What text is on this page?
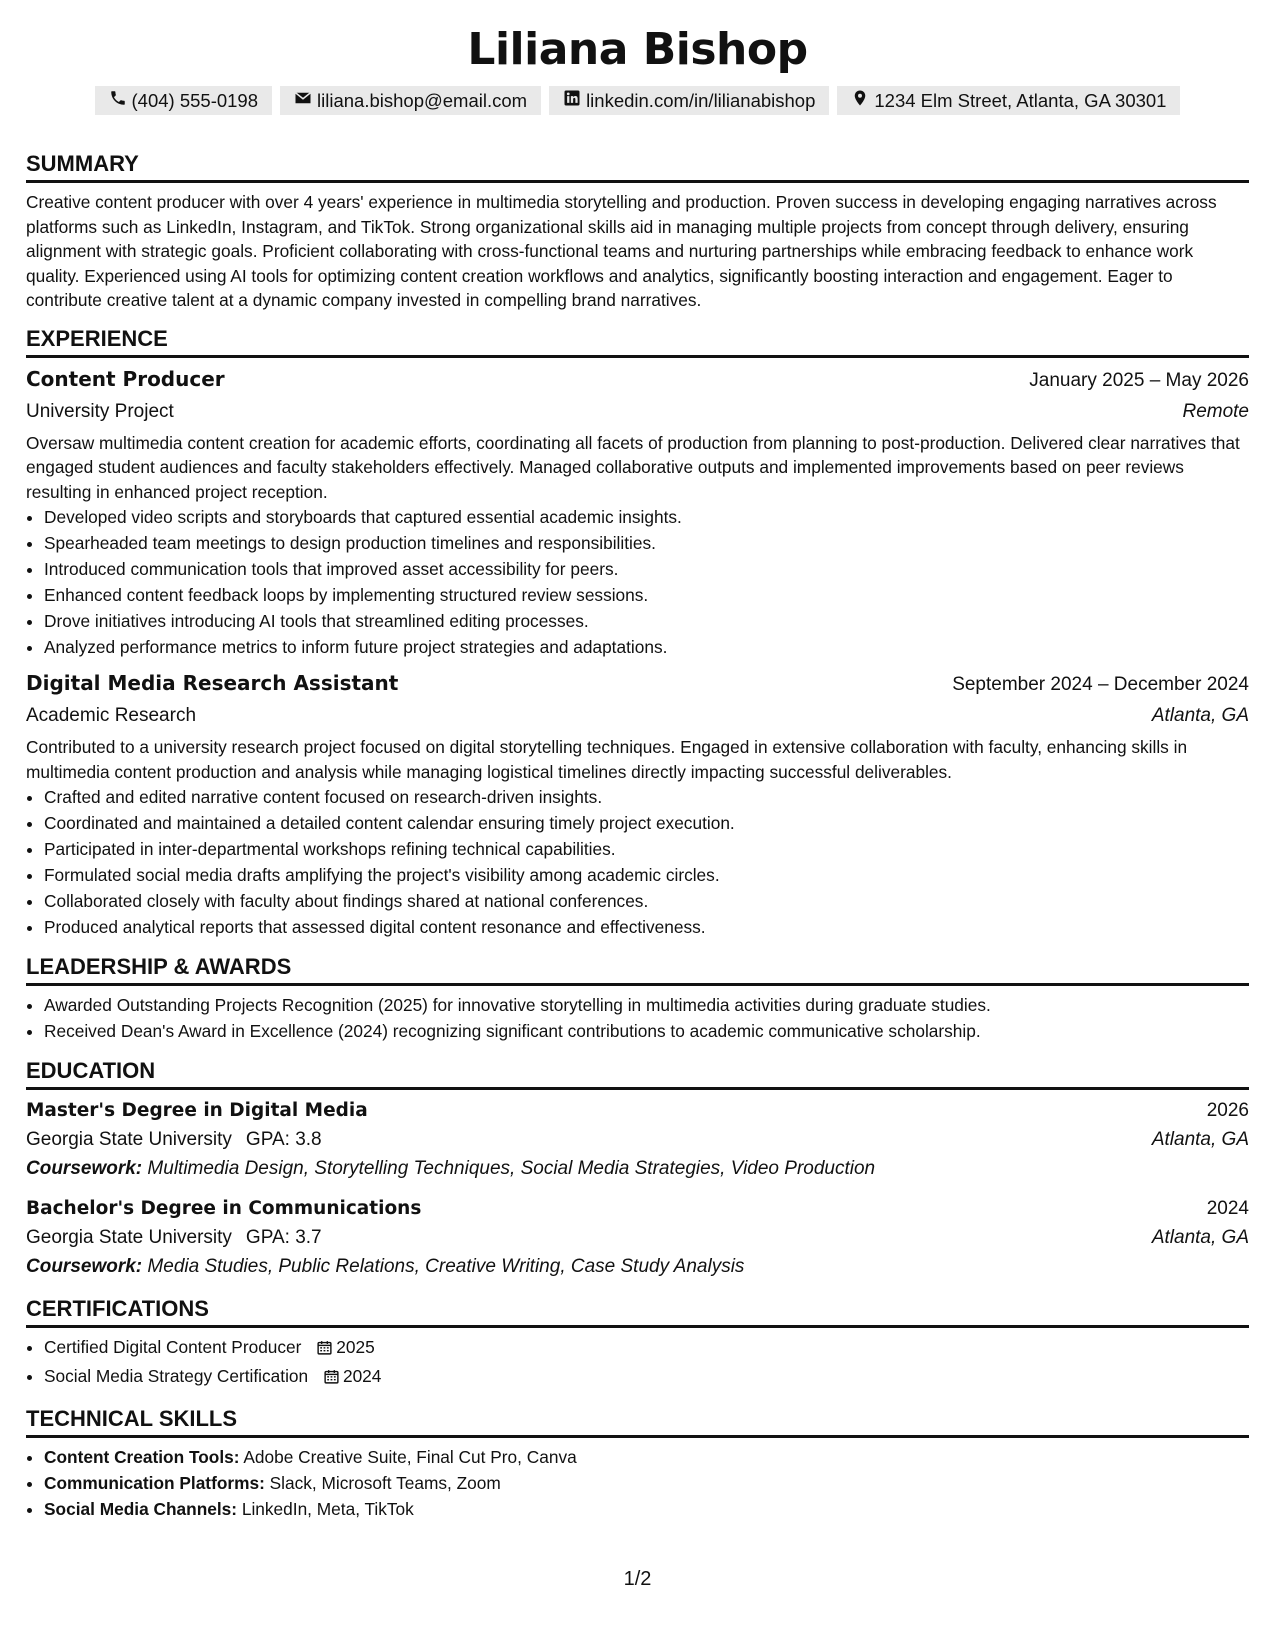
Liliana Bishop
(404) 555-0198	liliana.bishop@email.com	linkedin.com/in/lilianabishop	1234 Elm Street, Atlanta, GA 30301
SUMMARY

Creative content producer with over 4 years' experience in multimedia storytelling and production. Proven success in developing engaging narratives across platforms such as LinkedIn, Instagram, and TikTok. Strong organizational skills aid in managing multiple projects from concept through delivery, ensuring alignment with strategic goals. Proficient collaborating with cross-functional teams and nurturing partnerships while embracing feedback to enhance work quality. Experienced using AI tools for optimizing content creation workflows and analytics, significantly boosting interaction and engagement. Eager to contribute creative talent at a dynamic company invested in compelling brand narratives.

EXPERIENCE
Content Producer	January 2025 – May 2026
University Project	Remote

Oversaw multimedia content creation for academic efforts, coordinating all facets of production from planning to post-production. Delivered clear narratives that engaged student audiences and faculty stakeholders effectively. Managed collaborative outputs and implemented improvements based on peer reviews resulting in enhanced project reception.

• Developed video scripts and storyboards that captured essential academic insights.
• Spearheaded team meetings to design production timelines and responsibilities.
• Introduced communication tools that improved asset accessibility for peers.
• Enhanced content feedback loops by implementing structured review sessions.
• Drove initiatives introducing AI tools that streamlined editing processes.
• Analyzed performance metrics to inform future project strategies and adaptations.
Digital Media Research Assistant	September 2024 – December 2024
Academic Research	Atlanta, GA

Contributed to a university research project focused on digital storytelling techniques. Engaged in extensive collaboration with faculty, enhancing skills in multimedia content production and analysis while managing logistical timelines directly impacting successful deliverables.

• Crafted and edited narrative content focused on research-driven insights.
• Coordinated and maintained a detailed content calendar ensuring timely project execution.
• Participated in inter-departmental workshops refining technical capabilities.
• Formulated social media drafts amplifying the project's visibility among academic circles.
• Collaborated closely with faculty about findings shared at national conferences.
• Produced analytical reports that assessed digital content resonance and effectiveness.
LEADERSHIP & AWARDS
• Awarded Outstanding Projects Recognition (2025) for innovative storytelling in multimedia activities during graduate studies.
• Received Dean's Award in Excellence (2024) recognizing significant contributions to academic communicative scholarship.
EDUCATION
Master's Degree in Digital Media	2026
Georgia State University GPA: 3.8	Atlanta, GA
Coursework: Multimedia Design, Storytelling Techniques, Social Media Strategies, Video Production
Bachelor's Degree in Communications	2024
Georgia State University GPA: 3.7	Atlanta, GA
Coursework: Media Studies, Public Relations, Creative Writing, Case Study Analysis
CERTIFICATIONS
• Certified Digital Content Producer 2025
• Social Media Strategy Certification 2024
TECHNICAL SKILLS
• Content Creation Tools: Adobe Creative Suite, Final Cut Pro, Canva
• Communication Platforms: Slack, Microsoft Teams, Zoom
• Social Media Channels: LinkedIn, Meta, TikTok
1/2
